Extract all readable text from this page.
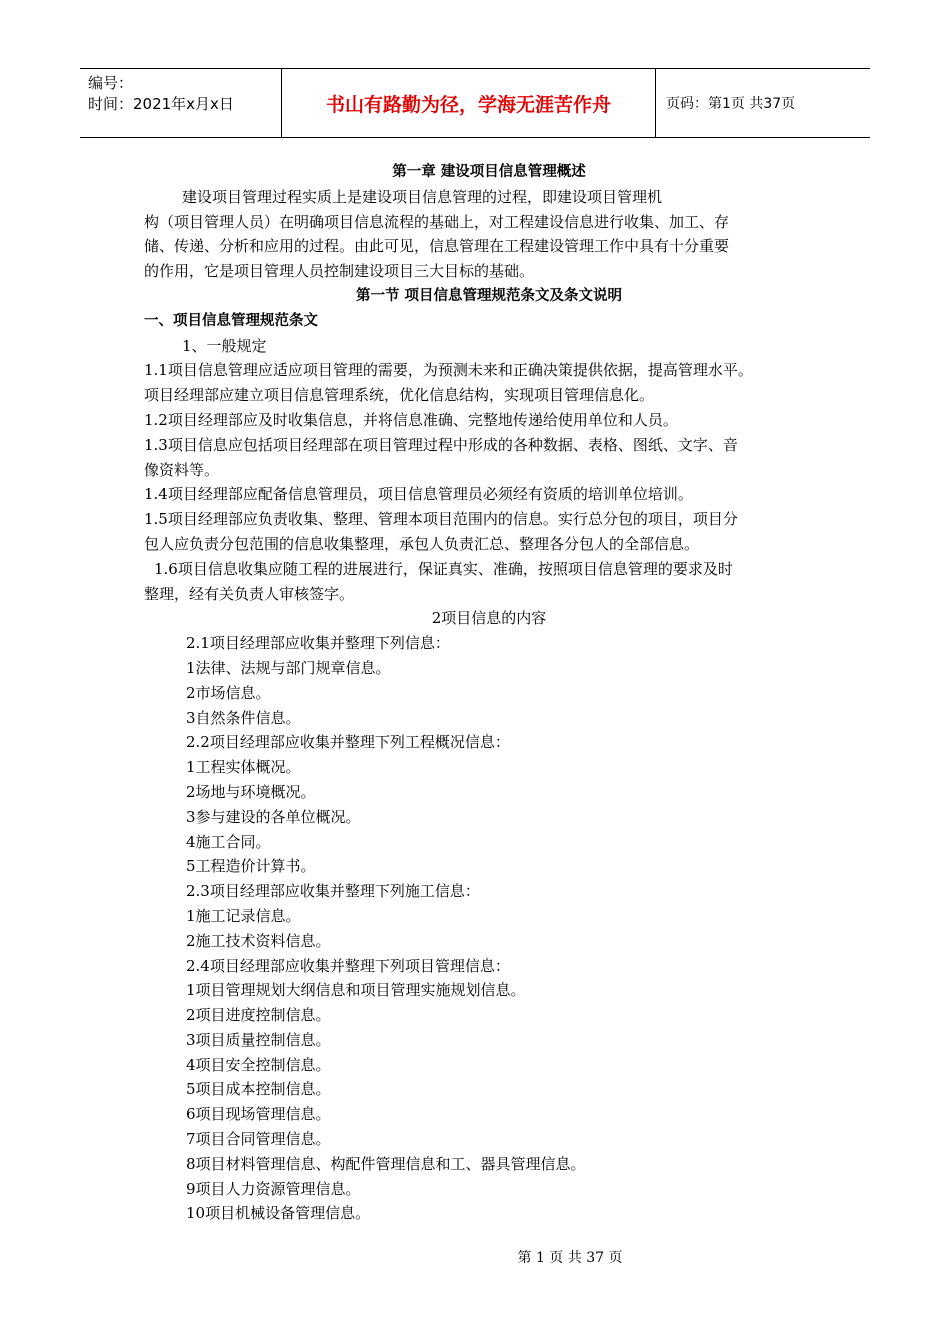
编号：
时间：2021年x月x日	书山有路勤为径，学海无涯苦作舟	页码：第1页 共37页
第一章 建设项目信息管理概述
建设项目管理过程实质上是建设项目信息管理的过程，即建设项目管理机
构（项目管理人员）在明确项目信息流程的基础上，对工程建设信息进行收集、加工、存
储、传递、分析和应用的过程。由此可见，信息管理在工程建设管理工作中具有十分重要
的作用，它是项目管理人员控制建设项目三大目标的基础。
第一节 项目信息管理规范条文及条文说明
一、项目信息管理规范条文
1、一般规定
1.1项目信息管理应适应项目管理的需要，为预测未来和正确决策提供依据，提高管理水平。
项目经理部应建立项目信息管理系统，优化信息结构，实现项目管理信息化。
1.2项目经理部应及时收集信息，并将信息准确、完整地传递给使用单位和人员。
1.3项目信息应包括项目经理部在项目管理过程中形成的各种数据、表格、图纸、文字、音
像资料等。
1.4项目经理部应配备信息管理员，项目信息管理员必须经有资质的培训单位培训。
1.5项目经理部应负责收集、整理、管理本项目范围内的信息。实行总分包的项目，项目分
包人应负责分包范围的信息收集整理，承包人负责汇总、整理各分包人的全部信息。
1.6项目信息收集应随工程的进展进行，保证真实、准确，按照项目信息管理的要求及时
整理，经有关负责人审核签字。
2项目信息的内容
2.1项目经理部应收集并整理下列信息：
1法律、法规与部门规章信息。
2市场信息。
3自然条件信息。
2.2项目经理部应收集并整理下列工程概况信息：
1工程实体概况。
2场地与环境概况。
3参与建设的各单位概况。
4施工合同。
5工程造价计算书。
2.3项目经理部应收集并整理下列施工信息：
1施工记录信息。
2施工技术资料信息。
2.4项目经理部应收集并整理下列项目管理信息：
1项目管理规划大纲信息和项目管理实施规划信息。
2项目进度控制信息。
3项目质量控制信息。
4项目安全控制信息。
5项目成本控制信息。
6项目现场管理信息。
7项目合同管理信息。
8项目材料管理信息、构配件管理信息和工、器具管理信息。
9项目人力资源管理信息。
10项目机械设备管理信息。
第 1 页 共 37 页
